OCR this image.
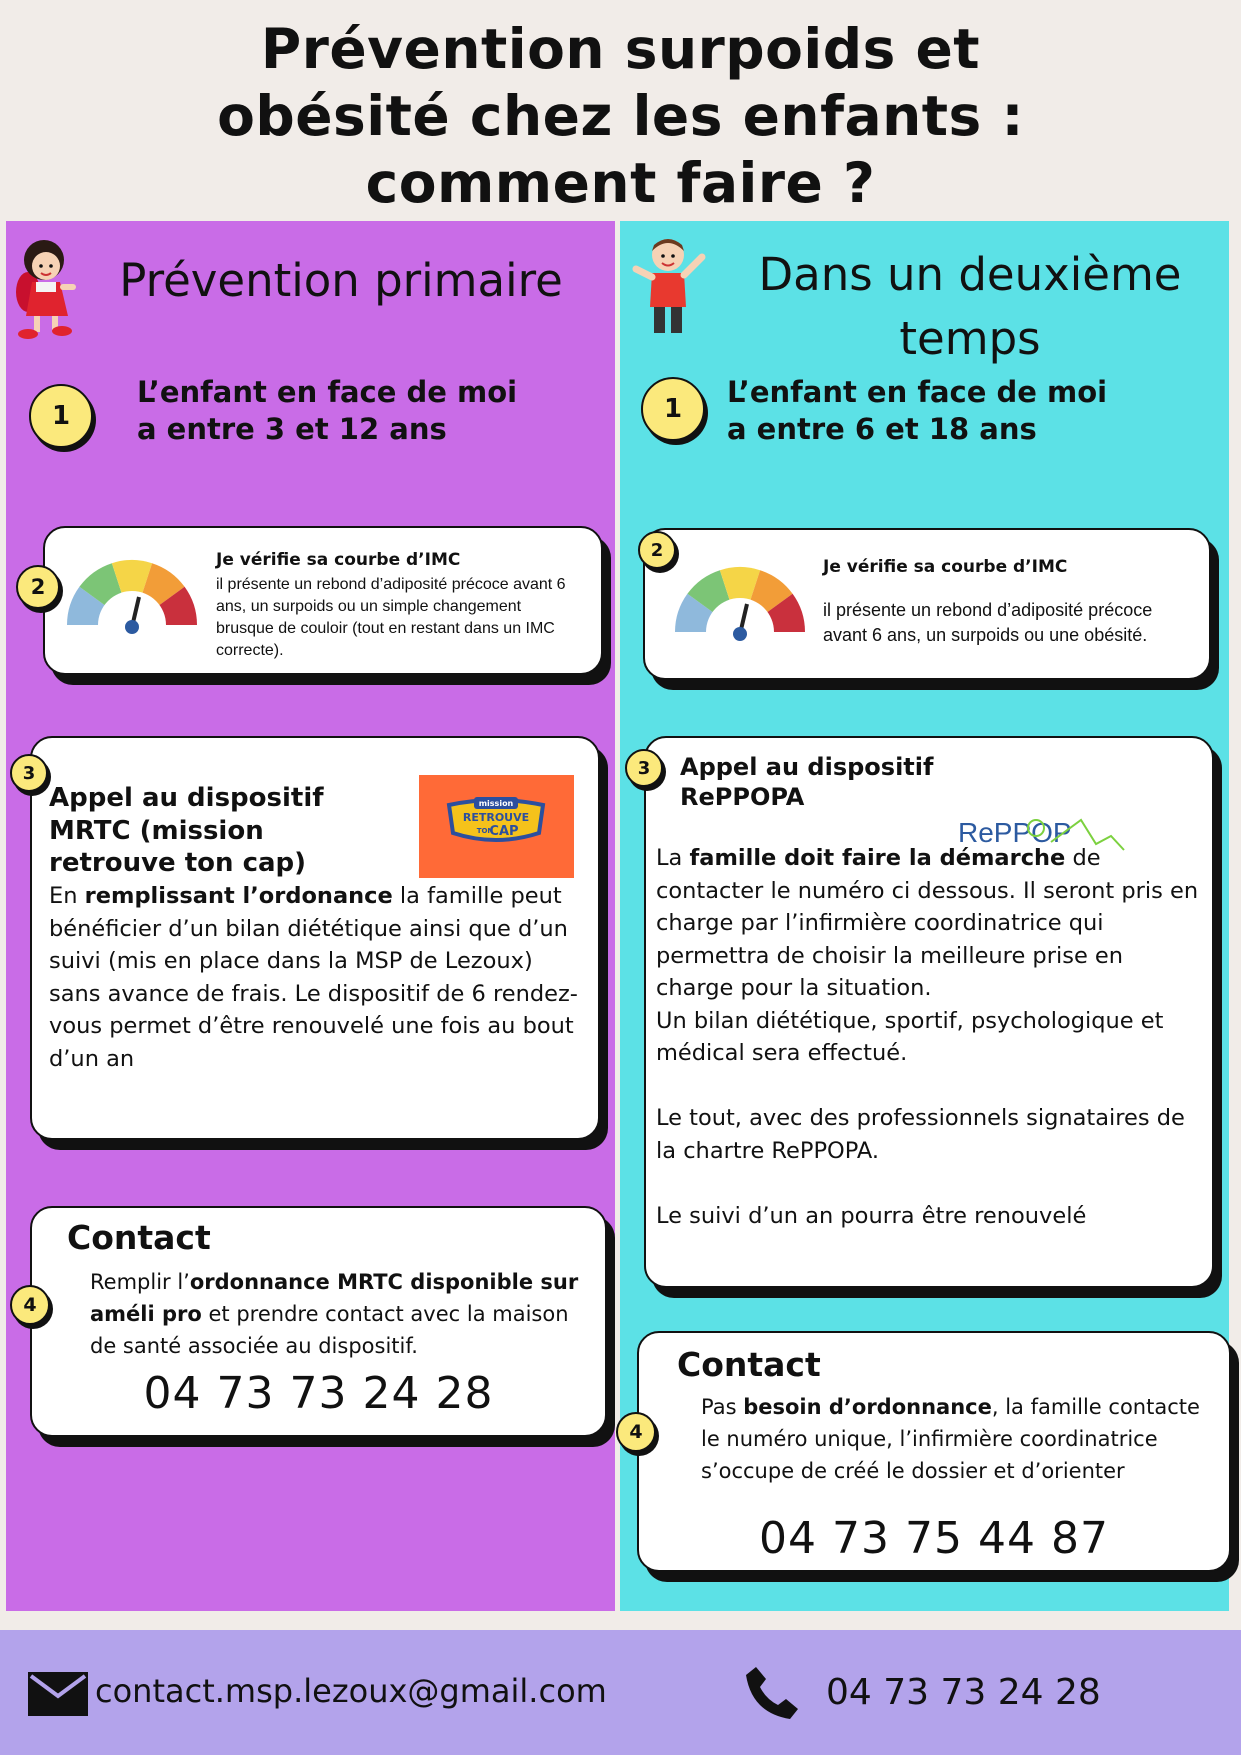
Prévention surpoids et
obésité chez les enfants :
comment faire ?
Prévention primaire
1
L’enfant en face de moi
a entre 3 et 12 ans
Je vérifie sa courbe d’IMC
il présente un rebond d’adiposité précoce avant 6 ans, un surpoids ou un simple changement brusque de couloir (tout en restant dans un IMC correcte).
2
Appel au dispositif
MRTC (mission
retrouve ton cap)
mission
RETROUVE
TON
CAP
En remplissant l’ordonance la famille peut bénéficier d’un bilan diététique ainsi que d’un suivi (mis en place dans la MSP de Lezoux) sans avance de frais. Le dispositif de 6 rendez-vous permet d’être renouvelé une fois au bout d’un an
3
Contact
Remplir l’ordonnance MRTC disponible sur améli pro et prendre contact avec la maison de santé associée au dispositif.
04 73 73 24 28
4
Dans un deuxième
temps
1	L’enfant en face de moi
a entre 6 et 18 ans
Je vérifie sa courbe d’IMC
il présente un rebond d’adiposité précoce avant 6 ans, un surpoids ou une obésité.
2
Appel au dispositif
RePPOPA
RePPOP
La famille doit faire la démarche de contacter le numéro ci dessous. Il seront pris en charge par l’infirmière coordinatrice qui permettra de choisir la meilleure prise en charge pour la situation.
Un bilan diététique, sportif, psychologique et médical sera effectué.
Le tout, avec des professionnels signataires de la chartre RePPOPA.
Le suivi d’un an pourra être renouvelé
3
Contact
Pas besoin d’ordonnance, la famille contacte le numéro unique, l’infirmière coordinatrice s’occupe de créé le dossier et d’orienter
04 73 75 44 87
4
contact.msp.lezoux@gmail.com	04 73 73 24 28
